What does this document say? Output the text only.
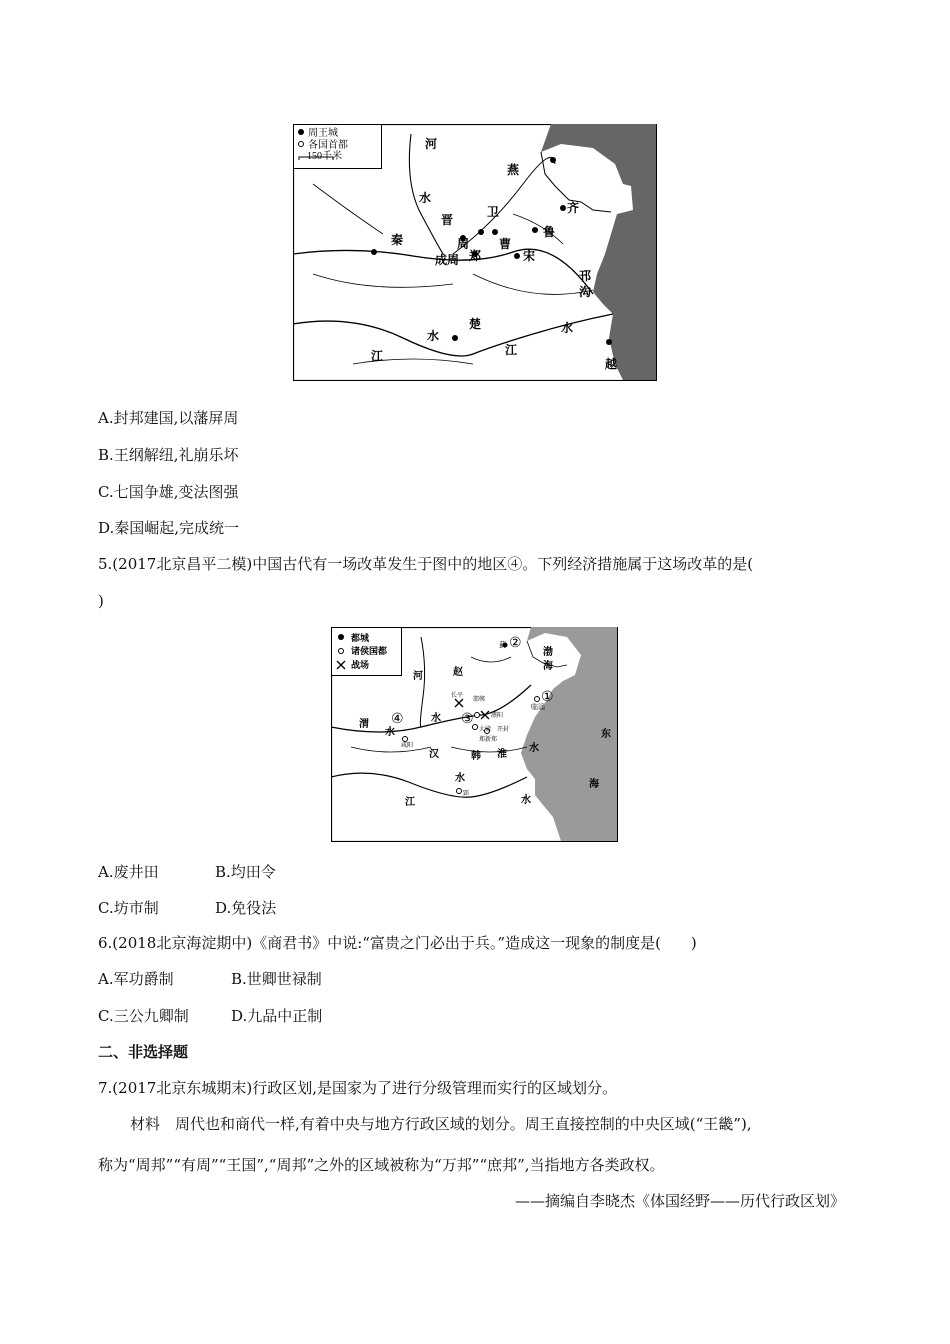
周王城
各国首都
150千米
河
水
燕
齐
晋
卫
鲁
秦	周
成周 郑
曹
宋
邗
沟
水
楚
水
江	江
越
A.封邦建国,以藩屏周
B.王纲解纽,礼崩乐坏
C.七国争雄,变法图强
D.秦国崛起,完成统一
5.(2017北京昌平二模)中国古代有一场改革发生于图中的地区④。下列经济措施属于这场改革的是(
)
都城
诸侯国都
战场
②
①
③
④
蓟
临淄
河	赵
渤
海
东
海
渭
水
水
汉	韩 淮
水
水
水
江
咸阳
长平
邯郸
濮阳
大梁 开封
郑新郑
郢
A.废井田	B.均田令
C.坊市制	D.免役法
6.(2018北京海淀期中)《商君书》中说:“富贵之门必出于兵。”造成这一现象的制度是(　　)
A.军功爵制	B.世卿世禄制
C.三公九卿制	D.九品中正制
二、非选择题
7.(2017北京东城期末)行政区划,是国家为了进行分级管理而实行的区域划分。
材料　周代也和商代一样,有着中央与地方行政区域的划分。周王直接控制的中央区域(“王畿”),
称为“周邦”“有周”“王国”,“周邦”之外的区域被称为“万邦”“庶邦”,当指地方各类政权。
——摘编自李晓杰《体国经野——历代行政区划》
